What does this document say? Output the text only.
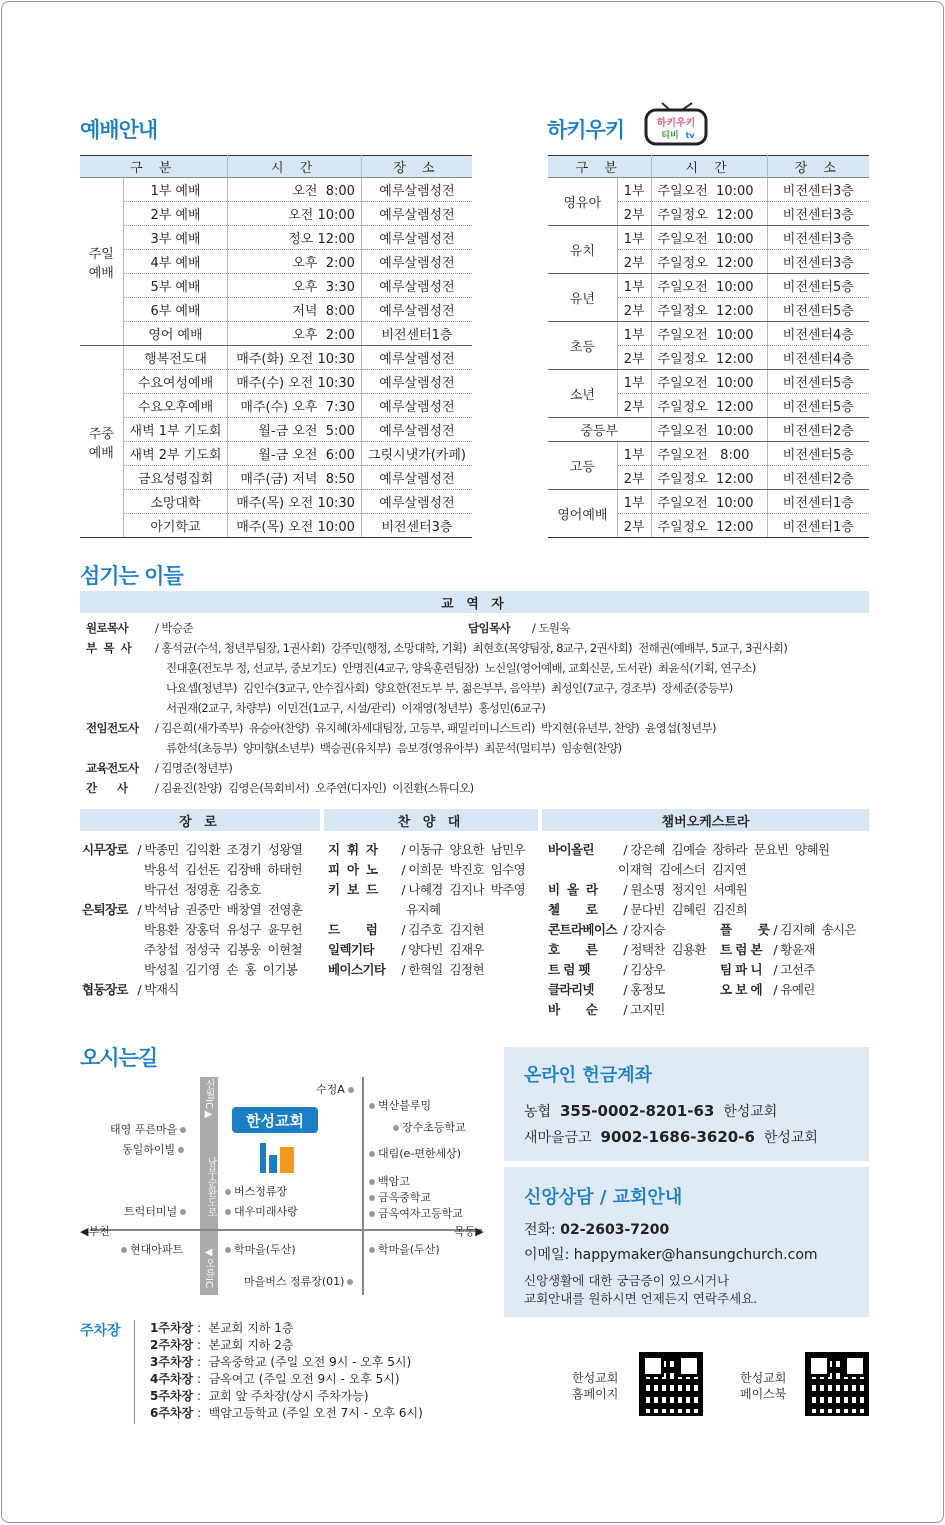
예배안내
구 분		시 간	장 소
주일
예배	1부 예배	오전  8:00	예루살렘성전
	2부 예배	오전 10:00	예루살렘성전
	3부 예배	정오 12:00	예루살렘성전
	4부 예배	오후  2:00	예루살렘성전
	5부 예배	오후  3:30	예루살렘성전
	6부 예배	저녁  8:00	예루살렘성전
	영어 예배	오후  2:00	비전센터1층
주중
예배	행복전도대	매주(화) 오전 10:30	예루살렘성전
	수요여성예배	매주(수) 오전 10:30	예루살렘성전
	수요오후예배	매주(수) 오후  7:30	예루살렘성전
	새벽 1부 기도회	월-금 오전  5:00	예루살렘성전
	새벽 2부 기도회	월-금 오전  6:00	그릿시냇가(카페)
	금요성령집회	매주(금) 저녁  8:50	예루살렘성전
	소망대학	매주(목) 오전 10:30	예루살렘성전
	아기학교	매주(목) 오전 10:00	비전센터3층
하키우키	하키우키
티비 tv
구 분		시 간	장 소
영유아	1부	주일오전  10:00	비전센터3층
	2부	주일정오  12:00	비전센터3층
유치	1부	주일오전  10:00	비전센터3층
	2부	주일정오  12:00	비전센터3층
유년	1부	주일오전  10:00	비전센터5층
	2부	주일정오  12:00	비전센터5층
초등	1부	주일오전  10:00	비전센터4층
	2부	주일정오  12:00	비전센터4층
소년	1부	주일오전  10:00	비전센터5층
	2부	주일정오  12:00	비전센터5층
중등부		주일오전  10:00	비전센터2층
고등	1부	주일오전   8:00	비전센터5층
	2부	주일정오  12:00	비전센터2층
영어예배	1부	주일오전  10:00	비전센터1층
	2부	주일정오  12:00	비전센터1층
섬기는 이들
교 역 자
원로목사 / 박승준	담임목사 / 도원욱
부  목  사 / 홍석균(수석, 청년부팀장, 1권사회)  강주민(행정, 소망대학, 기획)  최현호(목양팀장, 8교구, 2권사회)  전해권(예배부, 5교구, 3권사회)
진대훈(전도부 정, 선교부, 중보기도)  안명진(4교구, 양육훈련팀장)  노신일(영어예배, 교회신문, 도서관)  최윤식(기획, 연구소)
나요셉(청년부)  김인수(3교구, 안수집사회)  양요한(전도부 부, 젊은부부, 음악부)  최성인(7교구, 경조부)  장세준(중등부)
서권재(2교구, 차량부)  이민건(1교구, 시설/관리)  이재영(청년부)  홍성민(6교구)
전임전도사 / 김은희(새가족부)  유승아(찬양)  유지혜(차세대팀장, 고등부, 패밀리미니스트리)  박지현(유년부, 찬양)  윤영섭(청년부)
류한석(초등부)  양미향(소년부)  백승권(유치부)  음보경(영유아부)  최문석(멀티부)  임송현(찬양)
교육전도사 / 김명준(청년부)
간      사 / 김윤진(찬양)  김영은(목회비서)  오주연(디자인)  이진환(스튜디오)
장 로	찬 양 대	챔버오케스트라
시무장로 / 박종민  김익환  조경기  성왕열
박용석  김선돈  김장배  하태헌
박규선  정영훈  김충호
은퇴장로 / 박석남  권중만  배창열  전영훈
박용환  장홍덕  유성구  윤무헌
주창섭  정성국  김봉웅  이현철
박성칠  김기영  손  홍  이기봉
협동장로 / 박재식
지  휘  자 / 이동규  양요한  남민우
피  아  노 / 이희문  박진호  임수영
키  보  드 / 나혜경  김지나  박주영
유지혜
드       럼 / 김주호  김지현
일렉기타 / 양다빈  김재우
베이스기타 / 한혁일  김정현
바이올린 / 강은혜  김예슬  장하라  문요빈  양혜원
이재혁  김에스더  김지연
비  올  라 / 원소명  정지인  서예원
첼       로 / 문다빈  김혜린  김진희
콘트라베이스 / 강지승
호       른 / 정택찬  김용환
트 럼 펫 / 김상우
클라리넷 / 홍정모
바       순 / 고지민
플       룻 / 김지혜  송시은
트 럼 본 / 황윤재
팀 파 니 / 고선주
오 보 에 / 유예린
오시는길
남부순환도로
신월IC▶
◀오류IC
◀부천	목동▶
한성교회
태영 푸른마을
동일하이빌
트럭터미널
현대아파트
수정A
벽산블루밍
장수초등학교
대림(e-편한세상)
백암고
금옥중학교
금옥여자고등학교
학마을(두산)
버스정류장
대우미래사랑
학마을(두산)
마을버스 정류장(01)
주차장 1주차장 :  본교회 지하 1층
2주차장 :  본교회 지하 2층
3주차장 :  금옥중학교 (주일 오전 9시 - 오후 5시)
4주차장 :  금옥여고 (주일 오전 9시 - 오후 5시)
5주차장 :  교회 앞 주차장(상시 주차가능)
6주차장 :  백암고등학교 (주일 오전 7시 - 오후 6시)
온라인 헌금계좌
농협 355-0002-8201-63 한성교회
새마을금고 9002-1686-3620-6 한성교회
신앙상담 / 교회안내
전화: 02-2603-7200
이메일: happymaker@hansungchurch.com
신앙생활에 대한 궁금증이 있으시거나
교회안내를 원하시면 언제든지 연락주세요.
한성교회
홈페이지
한성교회
페이스북
